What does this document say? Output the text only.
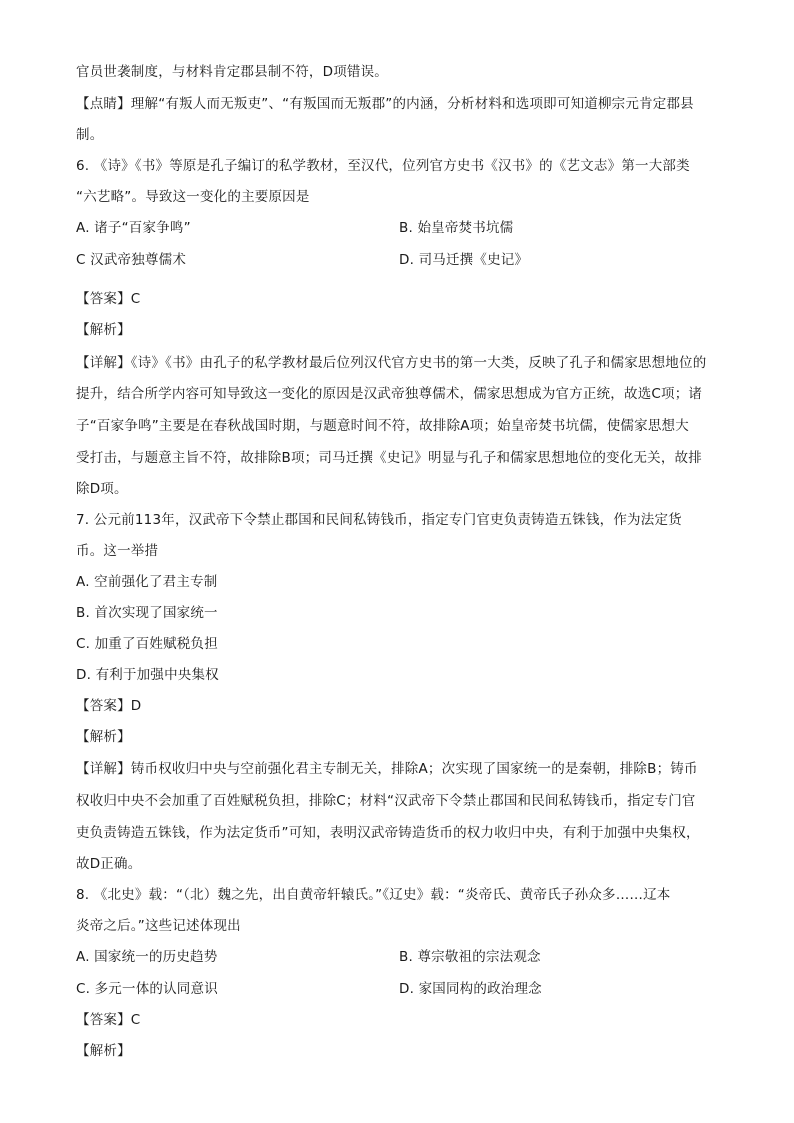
官员世袭制度，与材料肯定郡县制不符，D项错误。
【点睛】理解“有叛人而无叛吏”、“有叛国而无叛郡”的内涵，分析材料和选项即可知道柳宗元肯定郡县
制。
6. 《诗》《书》等原是孔子编订的私学教材，至汉代，位列官方史书《汉书》的《艺文志》第一大部类
“六艺略”。导致这一变化的主要原因是
A. 诸子“百家争鸣”	B. 始皇帝焚书坑儒
C 汉武帝独尊儒术	D. 司马迁撰《史记》
【答案】C
【解析】
【详解】《诗》《书》由孔子的私学教材最后位列汉代官方史书的第一大类，反映了孔子和儒家思想地位的
提升，结合所学内容可知导致这一变化的原因是汉武帝独尊儒术，儒家思想成为官方正统，故选C项；诸
子“百家争鸣”主要是在春秋战国时期，与题意时间不符，故排除A项；始皇帝焚书坑儒，使儒家思想大
受打击，与题意主旨不符，故排除B项；司马迁撰《史记》明显与孔子和儒家思想地位的变化无关，故排
除D项。
7. 公元前113年，汉武帝下令禁止郡国和民间私铸钱币，指定专门官吏负责铸造五铢钱，作为法定货
币。这一举措
A. 空前强化了君主专制
B. 首次实现了国家统一
C. 加重了百姓赋税负担
D. 有利于加强中央集权
【答案】D
【解析】
【详解】铸币权收归中央与空前强化君主专制无关，排除A；次实现了国家统一的是秦朝，排除B；铸币
权收归中央不会加重了百姓赋税负担，排除C；材料“汉武帝下令禁止郡国和民间私铸钱币，指定专门官
吏负责铸造五铢钱，作为法定货币”可知，表明汉武帝铸造货币的权力收归中央，有利于加强中央集权，
故D正确。
8. 《北史》载：“（北）魏之先，出自黄帝轩辕氏。”《辽史》载：“炎帝氏、黄帝氏子孙众多……辽本
炎帝之后。”这些记述体现出
A. 国家统一的历史趋势	B. 尊宗敬祖的宗法观念
C. 多元一体的认同意识	D. 家国同构的政治理念
【答案】C
【解析】
